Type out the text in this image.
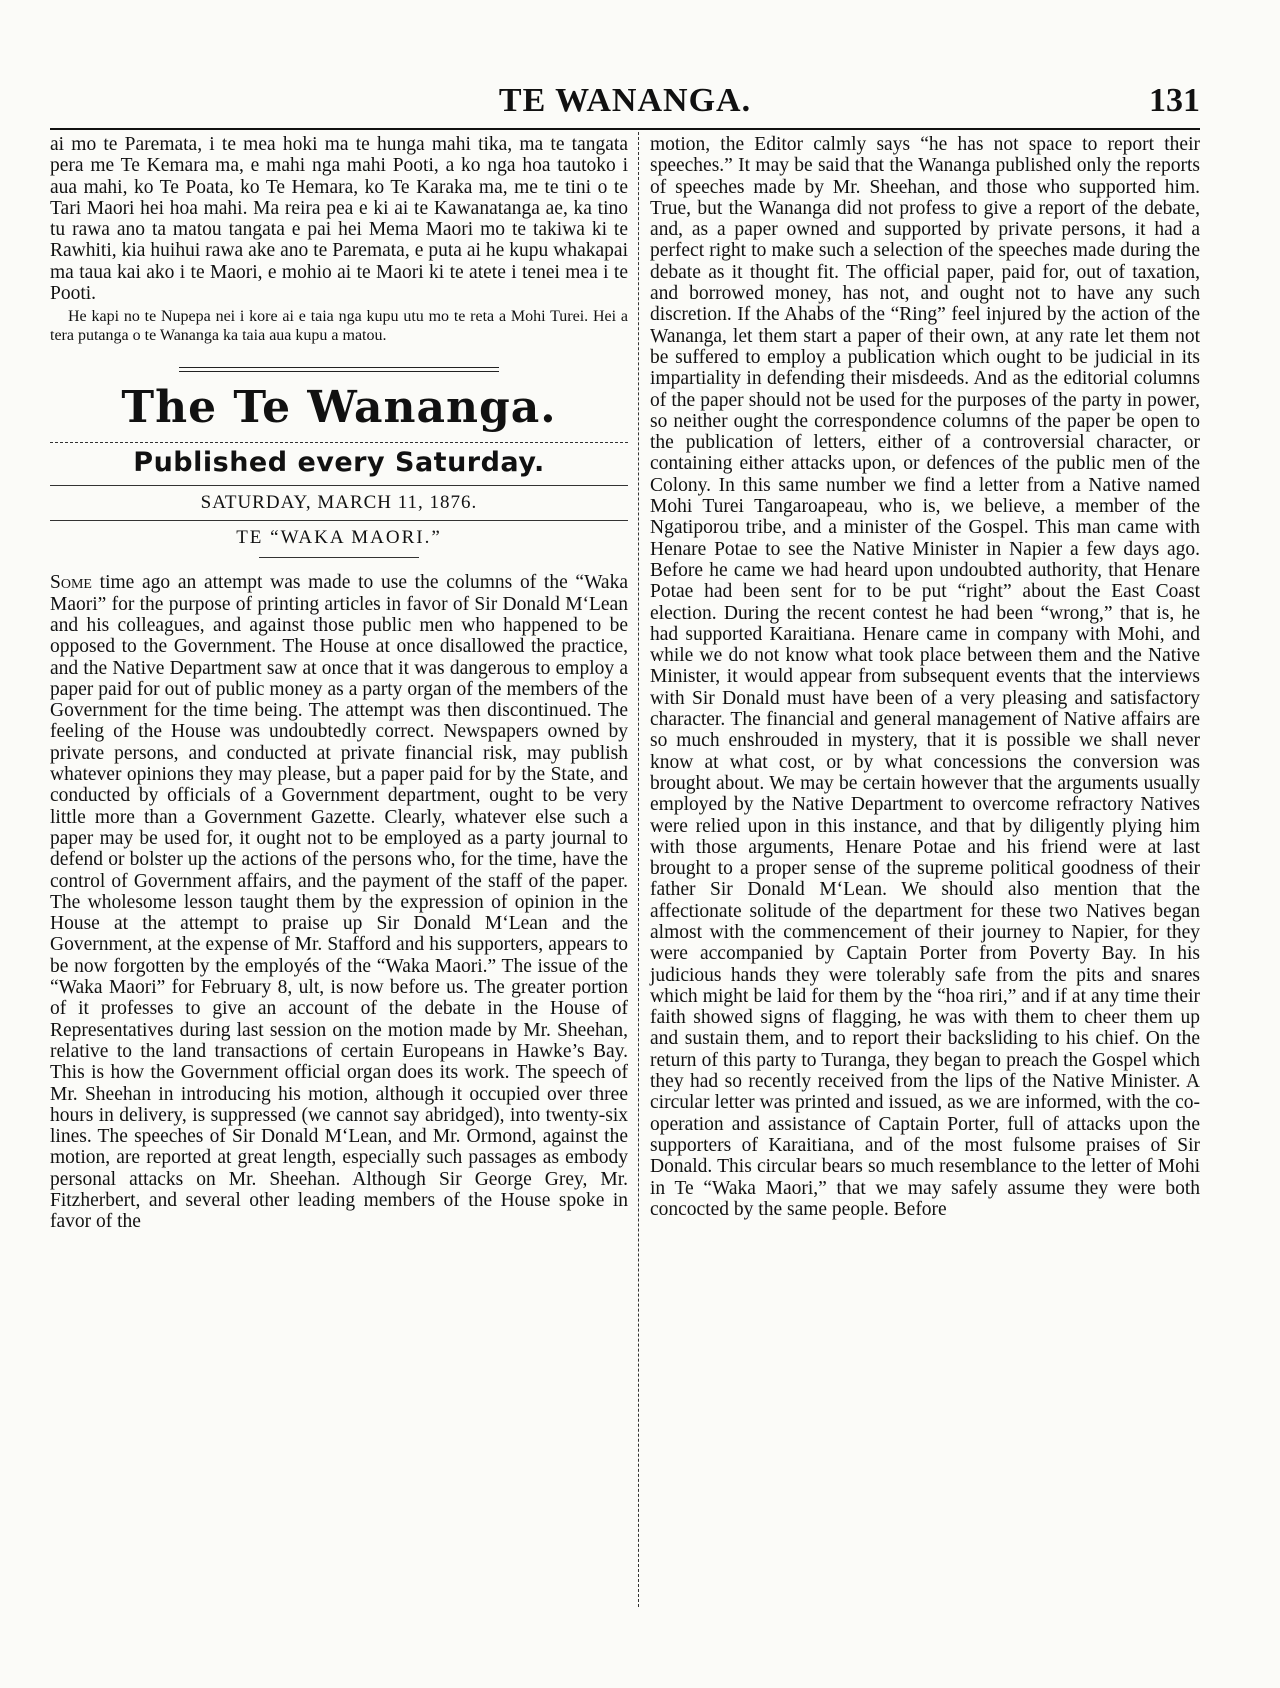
TE WANANGA.	131

ai mo te Paremata, i te mea hoki ma te hunga mahi tika, ma te tangata pera me Te Kemara ma, e mahi nga mahi Pooti, a ko nga hoa tautoko i aua mahi, ko Te Poata, ko Te Hemara, ko Te Karaka ma, me te tini o te Tari Maori hei hoa mahi. Ma reira pea e ki ai te Kawanatanga ae, ka tino tu rawa ano ta matou tangata e pai hei Mema Maori mo te takiwa ki te Rawhiti, kia huihui rawa ake ano te Paremata, e puta ai he kupu whakapai ma taua kai ako i te Maori, e mohio ai te Maori ki te atete i tenei mea i te Pooti.

He kapi no te Nupepa nei i kore ai e taia nga kupu utu mo te reta a Mohi Turei. Hei a tera putanga o te Wananga ka taia aua kupu a matou.

The Te Wananga.
Published every Saturday.
SATURDAY, MARCH 11, 1876.
TE “WAKA MAORI.”

Some time ago an attempt was made to use the columns of the “Waka Maori” for the purpose of printing articles in favor of Sir Donald M‘Lean and his colleagues, and against those public men who happened to be opposed to the Government. The House at once disallowed the practice, and the Native Department saw at once that it was dangerous to employ a paper paid for out of public money as a party organ of the members of the Government for the time being. The attempt was then discontinued. The feeling of the House was undoubtedly correct. Newspapers owned by private persons, and conducted at private financial risk, may publish whatever opinions they may please, but a paper paid for by the State, and conducted by officials of a Government department, ought to be very little more than a Government Gazette. Clearly, whatever else such a paper may be used for, it ought not to be employed as a party journal to defend or bolster up the actions of the persons who, for the time, have the control of Government affairs, and the payment of the staff of the paper. The wholesome lesson taught them by the expression of opinion in the House at the attempt to praise up Sir Donald M‘Lean and the Government, at the expense of Mr. Stafford and his supporters, appears to be now forgotten by the employés of the “Waka Maori.” The issue of the “Waka Maori” for February 8, ult, is now before us. The greater portion of it professes to give an account of the debate in the House of Representatives during last session on the motion made by Mr. Sheehan, relative to the land transactions of certain Europeans in Hawke’s Bay. This is how the Government official organ does its work. The speech of Mr. Sheehan in introducing his motion, although it occupied over three hours in delivery, is suppressed (we cannot say abridged), into twenty-six lines. The speeches of Sir Donald M‘Lean, and Mr. Ormond, against the motion, are reported at great length, especially such passages as embody personal attacks on Mr. Sheehan. Although Sir George Grey, Mr. Fitzherbert, and several other leading members of the House spoke in favor of the

motion, the Editor calmly says “he has not space to report their speeches.” It may be said that the Wananga published only the reports of speeches made by Mr. Sheehan, and those who supported him. True, but the Wananga did not profess to give a report of the debate, and, as a paper owned and supported by private persons, it had a perfect right to make such a selection of the speeches made during the debate as it thought fit. The official paper, paid for, out of taxation, and borrowed money, has not, and ought not to have any such discretion. If the Ahabs of the “Ring” feel injured by the action of the Wananga, let them start a paper of their own, at any rate let them not be suffered to employ a publication which ought to be judicial in its impartiality in defending their misdeeds. And as the editorial columns of the paper should not be used for the purposes of the party in power, so neither ought the correspondence columns of the paper be open to the publication of letters, either of a controversial character, or containing either attacks upon, or defences of the public men of the Colony. In this same number we find a letter from a Native named Mohi Turei Tangaroapeau, who is, we believe, a member of the Ngatiporou tribe, and a minister of the Gospel. This man came with Henare Potae to see the Native Minister in Napier a few days ago. Before he came we had heard upon undoubted authority, that Henare Potae had been sent for to be put “right” about the East Coast election. During the recent contest he had been “wrong,” that is, he had supported Karaitiana. Henare came in company with Mohi, and while we do not know what took place between them and the Native Minister, it would appear from subsequent events that the interviews with Sir Donald must have been of a very pleasing and satisfactory character. The financial and general management of Native affairs are so much enshrouded in mystery, that it is possible we shall never know at what cost, or by what concessions the conversion was brought about. We may be certain however that the arguments usually employed by the Native Department to overcome refractory Natives were relied upon in this instance, and that by diligently plying him with those arguments, Henare Potae and his friend were at last brought to a proper sense of the supreme political goodness of their father Sir Donald M‘Lean. We should also mention that the affectionate solitude of the department for these two Natives began almost with the commencement of their journey to Napier, for they were accompanied by Captain Porter from Poverty Bay. In his judicious hands they were tolerably safe from the pits and snares which might be laid for them by the “hoa riri,” and if at any time their faith showed signs of flagging, he was with them to cheer them up and sustain them, and to report their backsliding to his chief. On the return of this party to Turanga, they began to preach the Gospel which they had so recently received from the lips of the Native Minister. A circular letter was printed and issued, as we are informed, with the co-operation and assistance of Captain Porter, full of attacks upon the supporters of Karaitiana, and of the most fulsome praises of Sir Donald. This circular bears so much resemblance to the letter of Mohi in Te “Waka Maori,” that we may safely assume they were both concocted by the same people. Before
